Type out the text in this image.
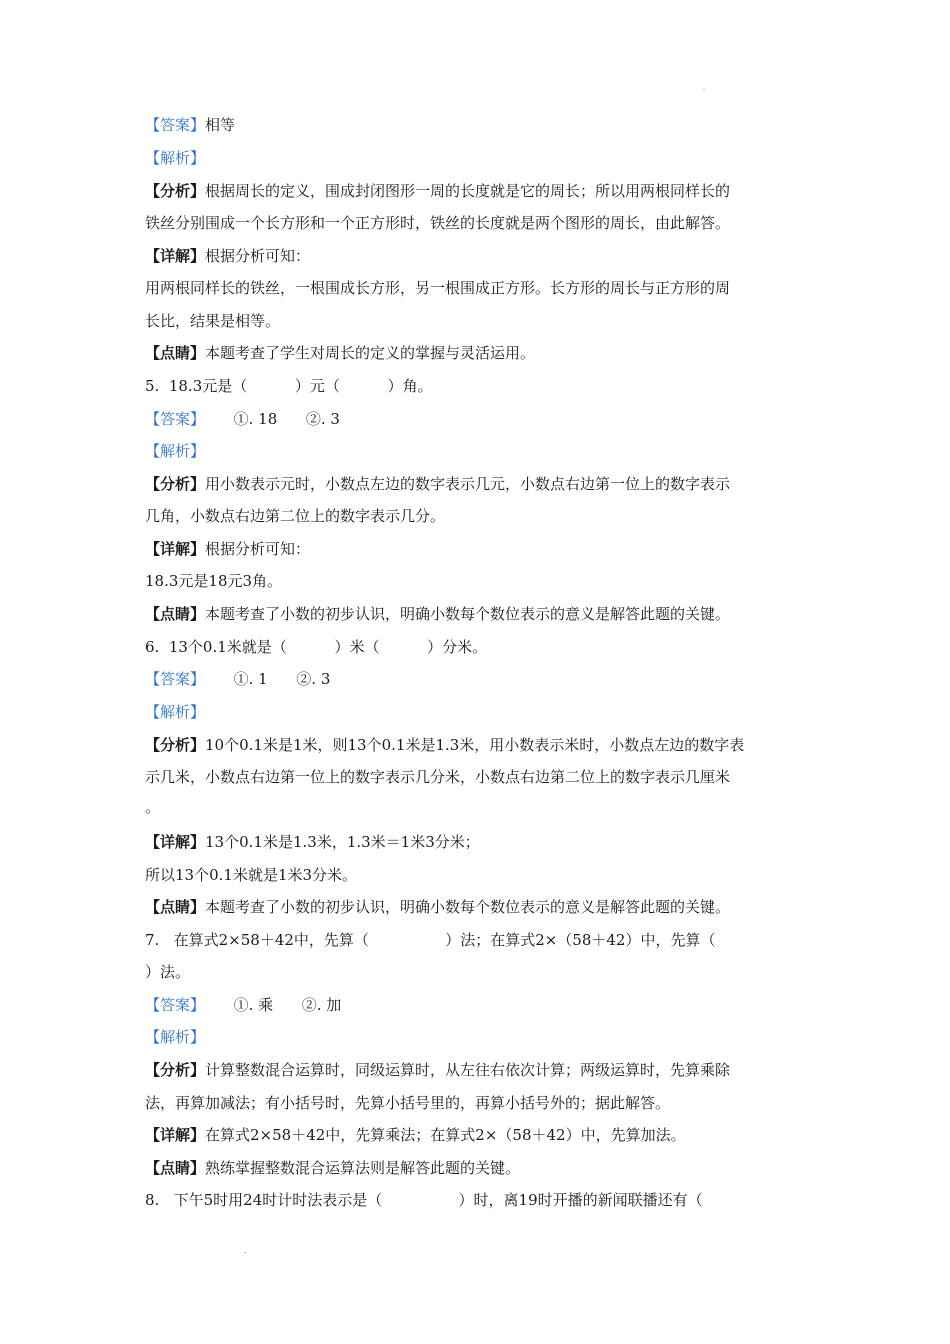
【答案】相等
【解析】
【分析】根据周长的定义，围成封闭图形一周的长度就是它的周长；所以用两根同样长的
铁丝分别围成一个长方形和一个正方形时，铁丝的长度就是两个图形的周长，由此解答。
【详解】根据分析可知：
用两根同样长的铁丝，一根围成长方形，另一根围成正方形。长方形的周长与正方形的周
长比，结果是相等。
【点睛】本题考查了学生对周长的定义的掌握与灵活运用。
5.  18.3元是（          ）元（          ）角。
【答案】      ①. 18      ②. 3
【解析】
【分析】用小数表示元时，小数点左边的数字表示几元，小数点右边第一位上的数字表示
几角，小数点右边第二位上的数字表示几分。
【详解】根据分析可知：
18.3元是18元3角。
【点睛】本题考查了小数的初步认识，明确小数每个数位表示的意义是解答此题的关键。
6.  13个0.1米就是（          ）米（          ）分米。
【答案】      ①. 1      ②. 3
【解析】
【分析】10个0.1米是1米，则13个0.1米是1.3米，用小数表示米时，小数点左边的数字表
示几米，小数点右边第一位上的数字表示几分米，小数点右边第二位上的数字表示几厘米
。
【详解】13个0.1米是1.3米，1.3米＝1米3分米；
所以13个0.1米就是1米3分米。
【点睛】本题考查了小数的初步认识，明确小数每个数位表示的意义是解答此题的关键。
7.   在算式2×58＋42中，先算（                ）法；在算式2×（58＋42）中，先算（
）法。
【答案】      ①. 乘      ②. 加
【解析】
【分析】计算整数混合运算时，同级运算时，从左往右依次计算；两级运算时，先算乘除
法，再算加减法；有小括号时，先算小括号里的，再算小括号外的；据此解答。
【详解】在算式2×58＋42中，先算乘法；在算式2×（58＋42）中，先算加法。
【点睛】熟练掌握整数混合运算法则是解答此题的关键。
8.   下午5时用24时计时法表示是（                ）时，离19时开播的新闻联播还有（
